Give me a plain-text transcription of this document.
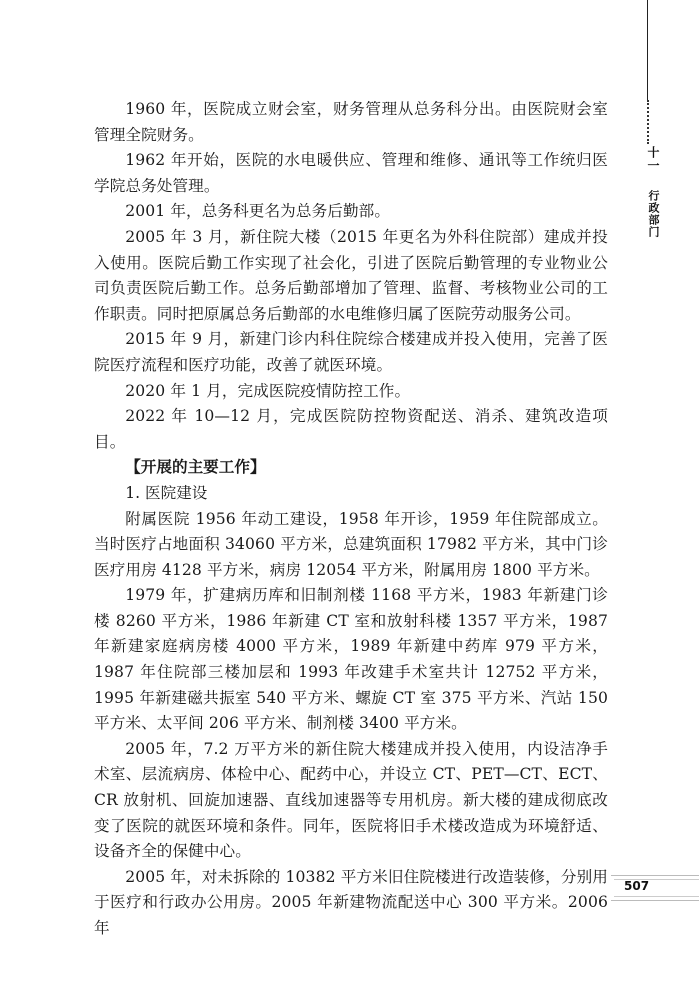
十一行政部门
507

1960 年，医院成立财会室，财务管理从总务科分出。由医院财会室管理全院财务。

1962 年开始，医院的水电暖供应、管理和维修、通讯等工作统归医学院总务处管理。

2001 年，总务科更名为总务后勤部。

2005 年 3 月，新住院大楼（2015 年更名为外科住院部）建成并投入使用。医院后勤工作实现了社会化，引进了医院后勤管理的专业物业公司负责医院后勤工作。总务后勤部增加了管理、监督、考核物业公司的工作职责。同时把原属总务后勤部的水电维修归属了医院劳动服务公司。

2015 年 9 月，新建门诊内科住院综合楼建成并投入使用，完善了医院医疗流程和医疗功能，改善了就医环境。

2020 年 1 月，完成医院疫情防控工作。

2022 年 10—12 月，完成医院防控物资配送、消杀、建筑改造项目。

【开展的主要工作】

1. 医院建设

附属医院 1956 年动工建设，1958 年开诊，1959 年住院部成立。当时医疗占地面积 34060 平方米，总建筑面积 17982 平方米，其中门诊医疗用房 4128 平方米，病房 12054 平方米，附属用房 1800 平方米。

1979 年，扩建病历库和旧制剂楼 1168 平方米，1983 年新建门诊楼 8260 平方米，1986 年新建 CT 室和放射科楼 1357 平方米，1987 年新建家庭病房楼 4000 平方米，1989 年新建中药库 979 平方米，1987 年住院部三楼加层和 1993 年改建手术室共计 12752 平方米，1995 年新建磁共振室 540 平方米、螺旋 CT 室 375 平方米、汽站 150 平方米、太平间 206 平方米、制剂楼 3400 平方米。

2005 年，7.2 万平方米的新住院大楼建成并投入使用，内设洁净手术室、层流病房、体检中心、配药中心，并设立 CT、PET—CT、ECT、CR 放射机、回旋加速器、直线加速器等专用机房。新大楼的建成彻底改变了医院的就医环境和条件。同年，医院将旧手术楼改造成为环境舒适、设备齐全的保健中心。

2005 年，对未拆除的 10382 平方米旧住院楼进行改造装修，分别用于医疗和行政办公用房。2005 年新建物流配送中心 300 平方米。2006 年
